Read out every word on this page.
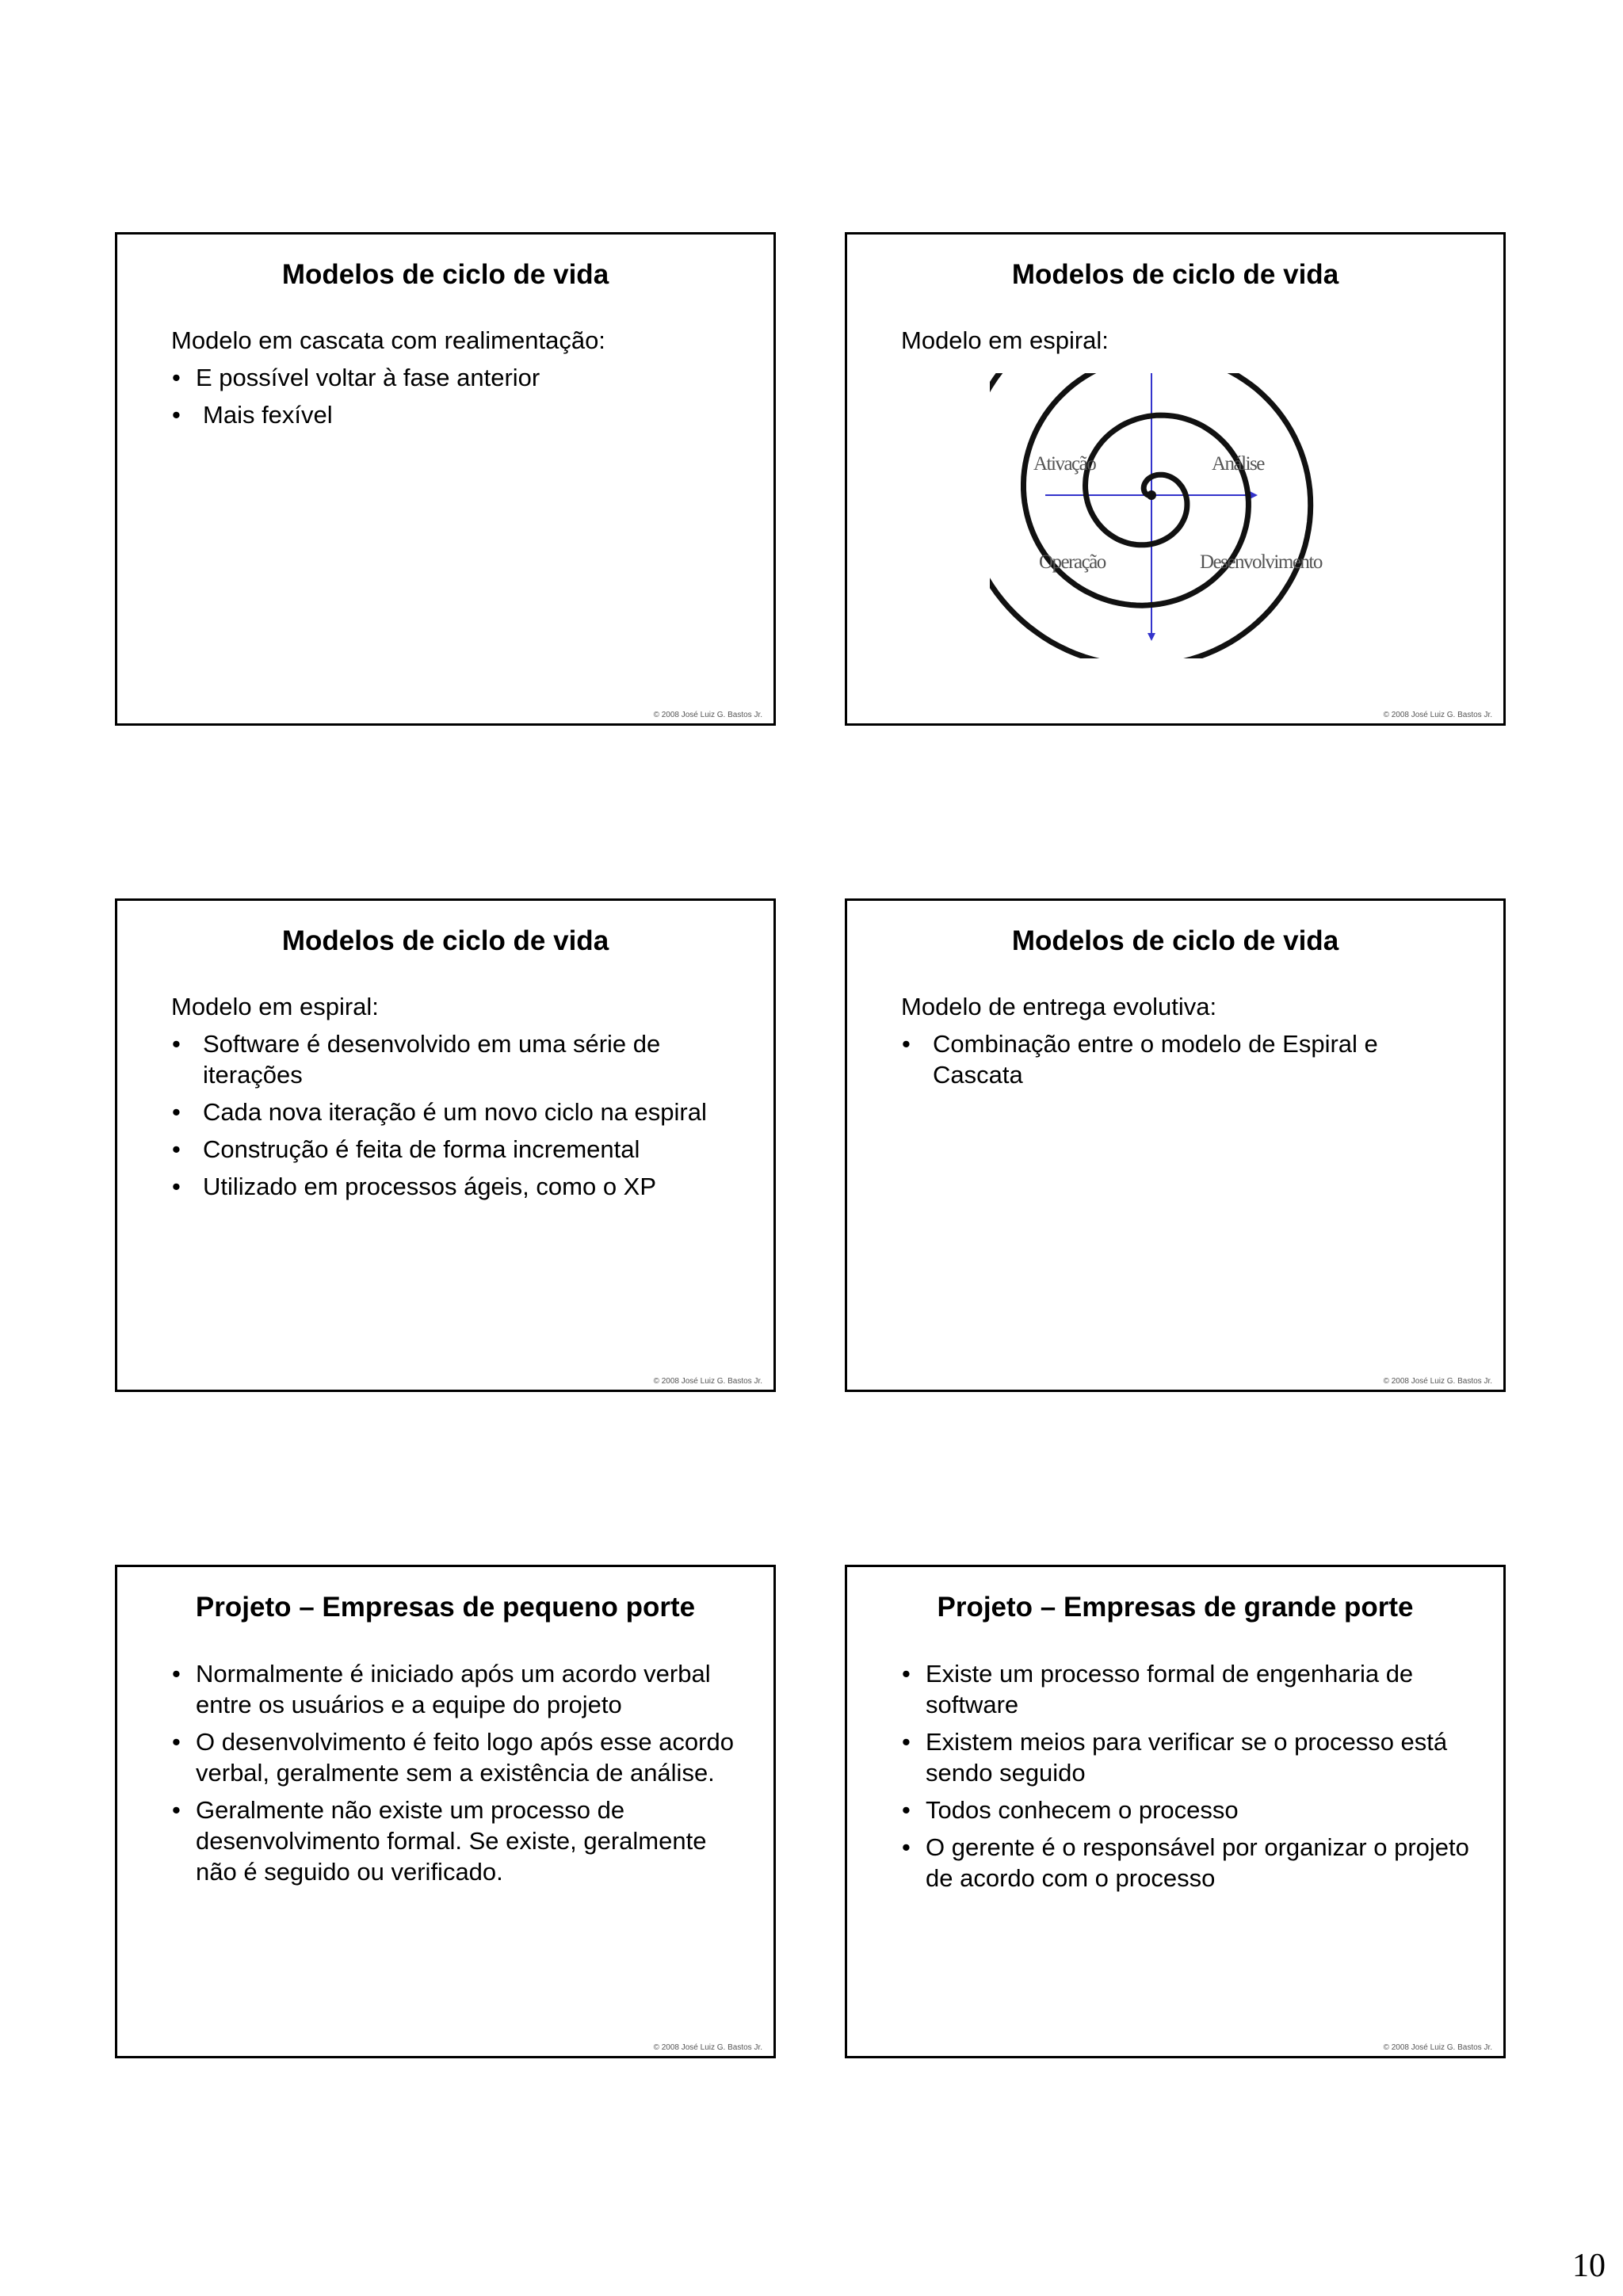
Modelos de ciclo de vida

Modelo em cascata com realimentação:

• E possível voltar à fase anterior
• Mais fexível
© 2008 José Luiz G. Bastos Jr.
Modelos de ciclo de vida

Modelo em espiral:

Ativação	Análise
Operação	Desenvolvimento
© 2008 José Luiz G. Bastos Jr.
Modelos de ciclo de vida

Modelo em espiral:

• Software é desenvolvido em uma série de iterações
• Cada nova iteração é um novo ciclo na espiral
• Construção é feita de forma incremental
• Utilizado em processos ágeis, como o XP
© 2008 José Luiz G. Bastos Jr.
Modelos de ciclo de vida

Modelo de entrega evolutiva:

• Combinação entre o modelo de Espiral e Cascata
© 2008 José Luiz G. Bastos Jr.
Projeto – Empresas de pequeno porte
• Normalmente é iniciado após um acordo verbal entre os usuários e a equipe do projeto
• O desenvolvimento é feito logo após esse acordo verbal, geralmente sem a existência de análise.
• Geralmente não existe um processo de desenvolvimento formal. Se existe, geralmente não é seguido ou verificado.
© 2008 José Luiz G. Bastos Jr.
Projeto – Empresas de grande porte
• Existe um processo formal de engenharia de software
• Existem meios para verificar se o processo está sendo seguido
• Todos conhecem o processo
• O gerente é o responsável por organizar o projeto de acordo com o processo
© 2008 José Luiz G. Bastos Jr.
10
